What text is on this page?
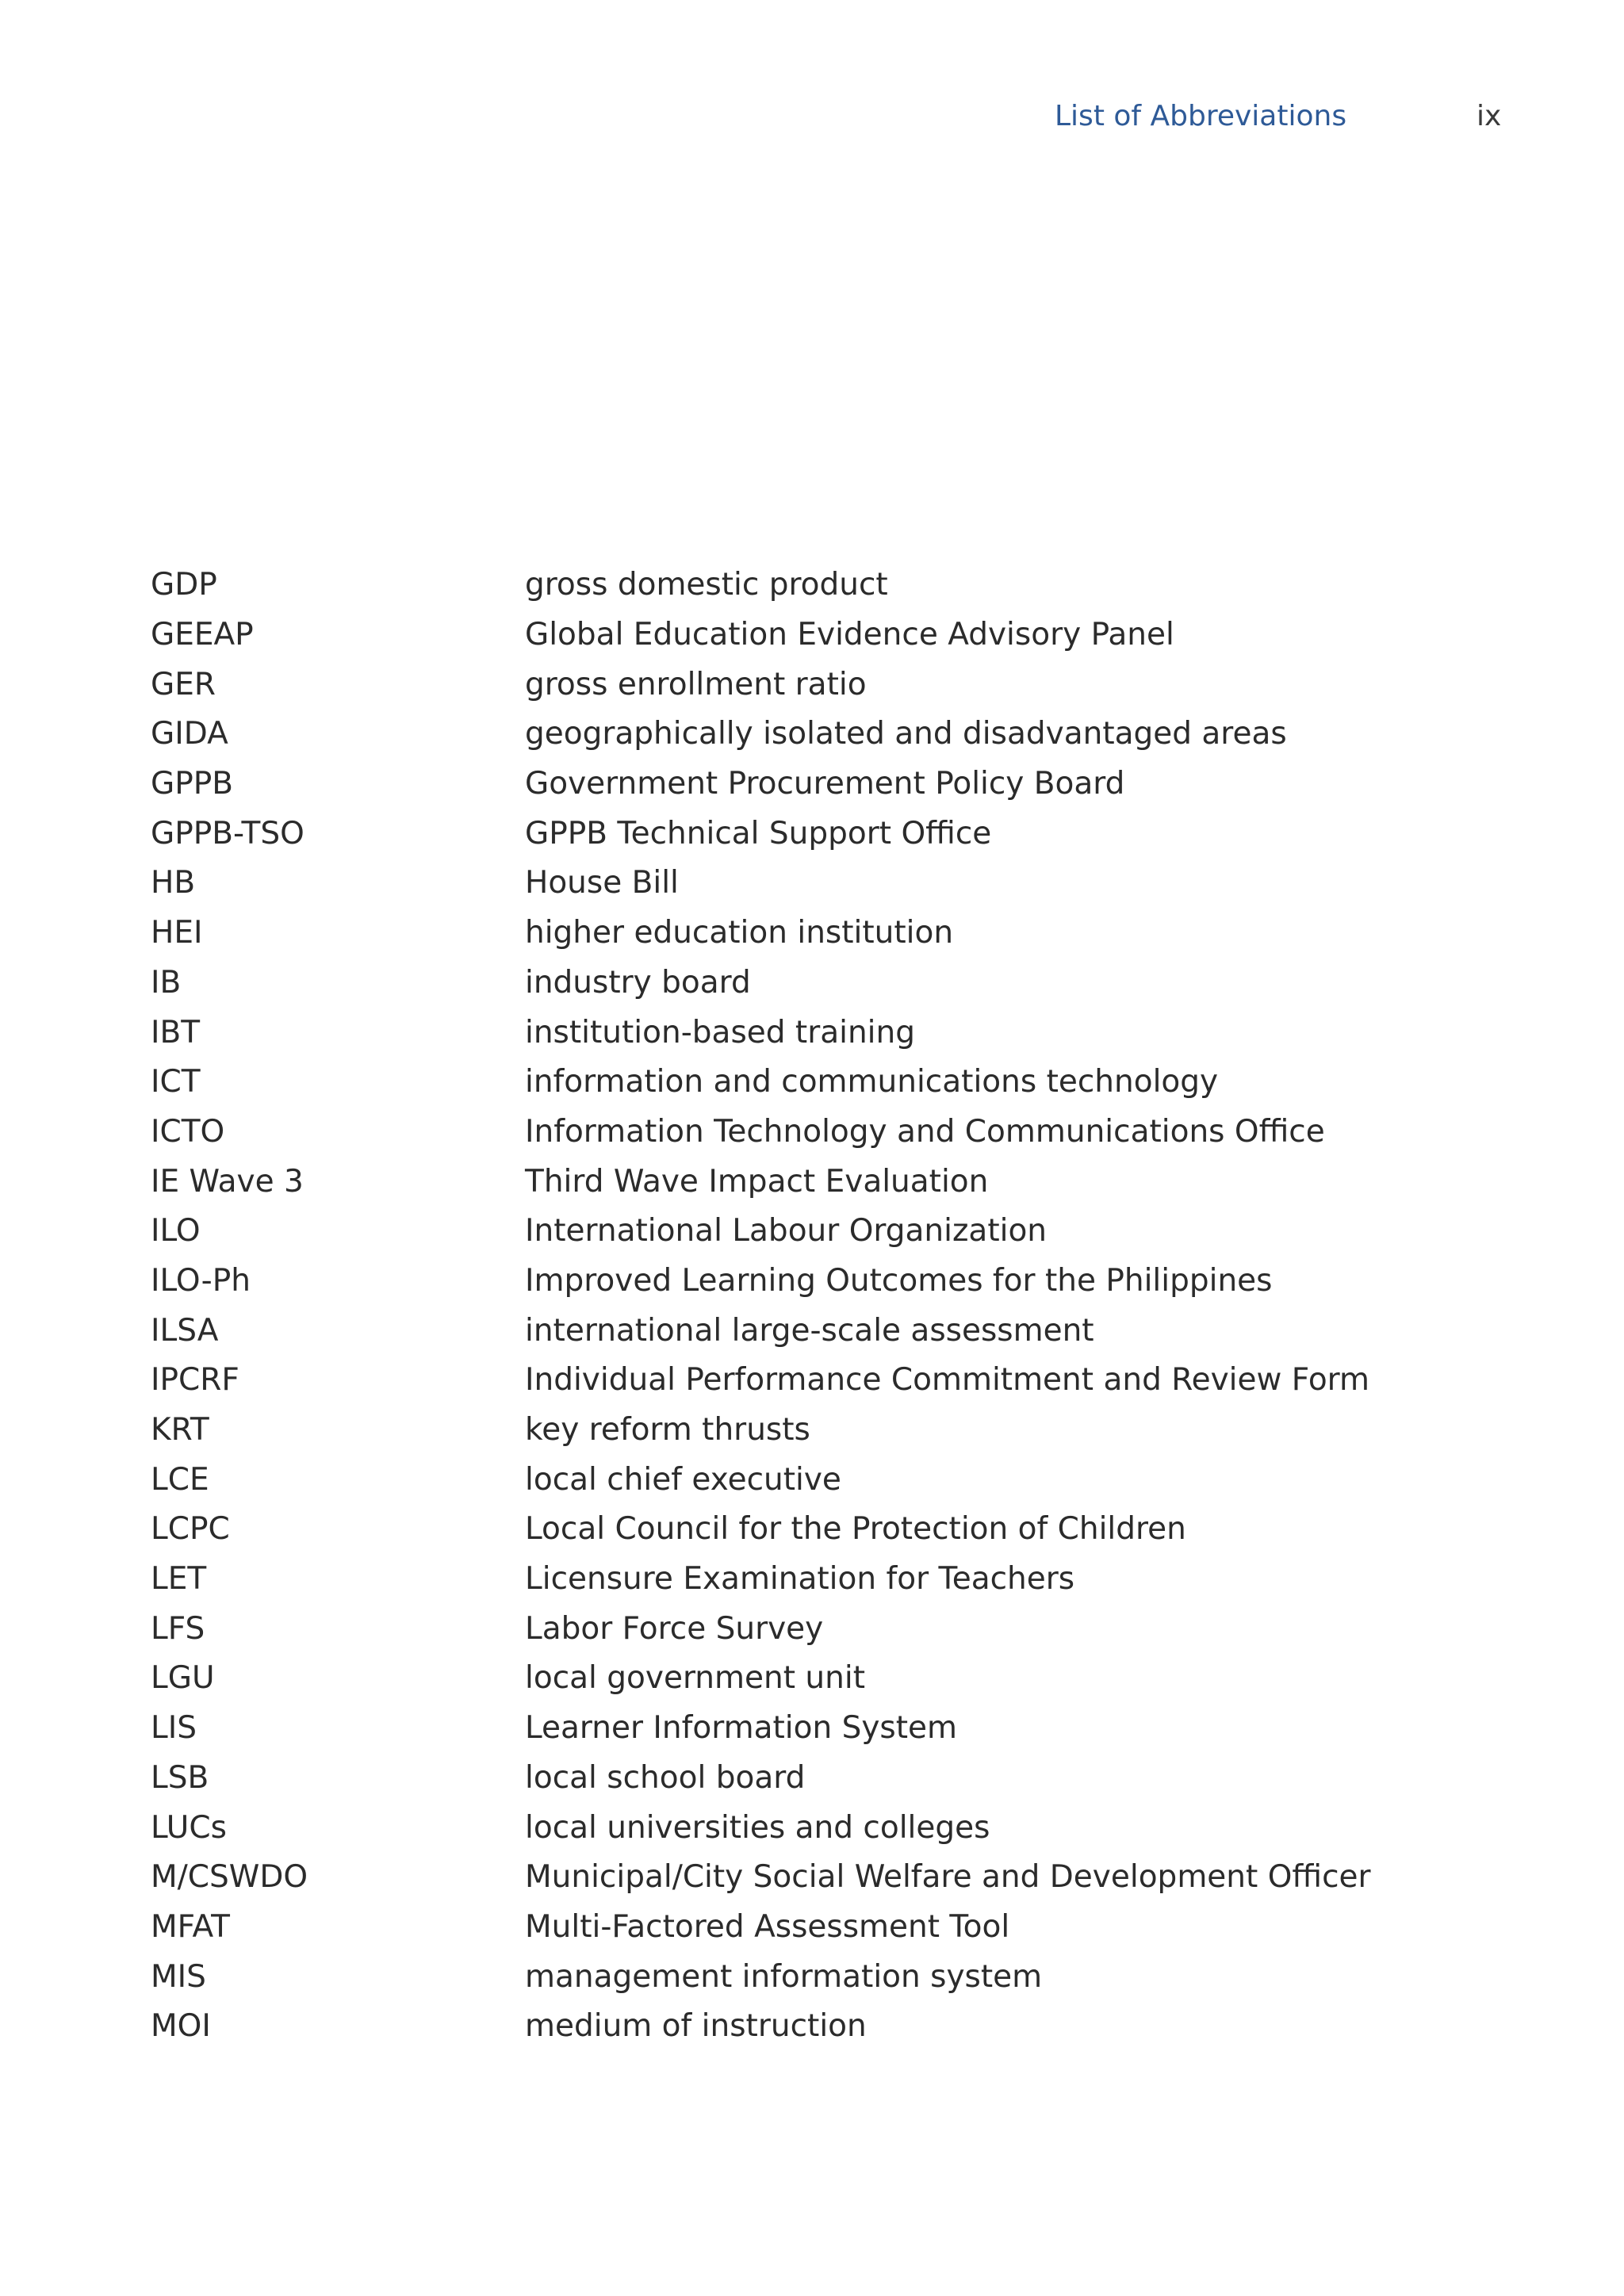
List of Abbreviations	ix
GDP	gross domestic product
GEEAP	Global Education Evidence Advisory Panel
GER	gross enrollment ratio
GIDA	geographically isolated and disadvantaged areas
GPPB	Government Procurement Policy Board
GPPB-TSO	GPPB Technical Support Office
HB	House Bill
HEI	higher education institution
IB	industry board
IBT	institution-based training
ICT	information and communications technology
ICTO	Information Technology and Communications Office
IE Wave 3	Third Wave Impact Evaluation
ILO	International Labour Organization
ILO-Ph	Improved Learning Outcomes for the Philippines
ILSA	international large-scale assessment
IPCRF	Individual Performance Commitment and Review Form
KRT	key reform thrusts
LCE	local chief executive
LCPC	Local Council for the Protection of Children
LET	Licensure Examination for Teachers
LFS	Labor Force Survey
LGU	local government unit
LIS	Learner Information System
LSB	local school board
LUCs	local universities and colleges
M/CSWDO	Municipal/City Social Welfare and Development Officer
MFAT	Multi-Factored Assessment Tool
MIS	management information system
MOI	medium of instruction
